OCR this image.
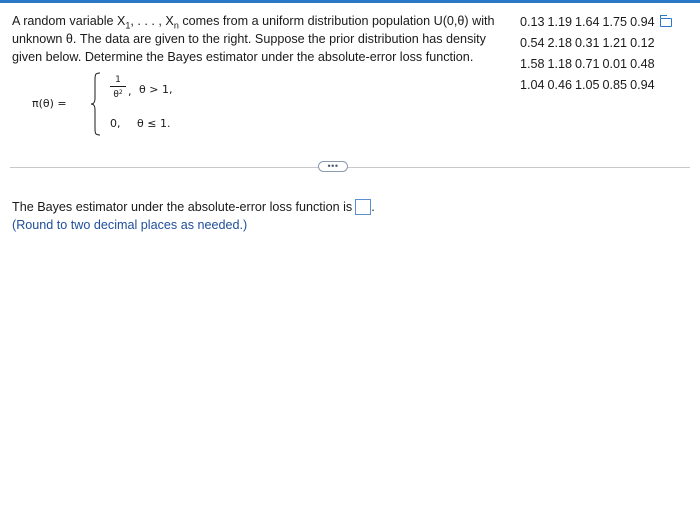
A random variable $X_1$, . . . , $X_n$ comes from a uniform distribution population U(0,θ) with unknown θ. The data are given to the right. Suppose the prior distribution has density given below. Determine the Bayes estimator under the absolute-error loss function.
0.13 1.19 1.64 1.75 0.94
0.54 2.18 0.31 1.21 0.12
1.58 1.18 0.71 0.01 0.48
1.04 0.46 1.05 0.85 0.94
π(θ) =
$\frac{1}{\theta^2}$ , θ > 1,
0, θ ≤ 1.
•••
The Bayes estimator under the absolute-error loss function is .
(Round to two decimal places as needed.)
